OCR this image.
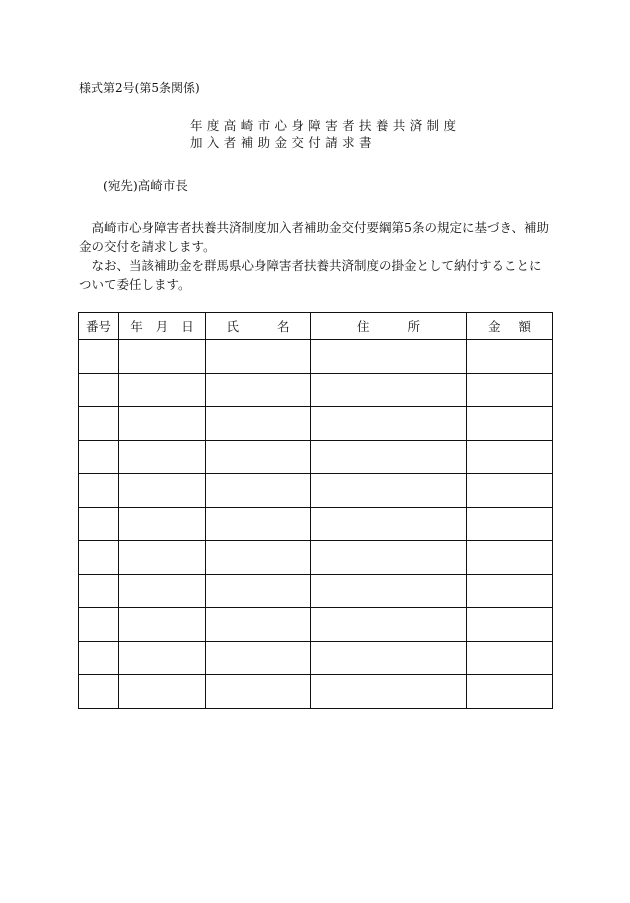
様式第2号(第5条関係)
年度高崎市心身障害者扶養共済制度
加入者補助金交付請求書
(宛先)高崎市長

高崎市心身障害者扶養共済制度加入者補助金交付要綱第5条の規定に基づき、補助金の交付を請求します。

なお、当該補助金を群馬県心身障害者扶養共済制度の掛金として納付することについて委任します。

番号	年 月 日	氏 名	住 所	金 額
